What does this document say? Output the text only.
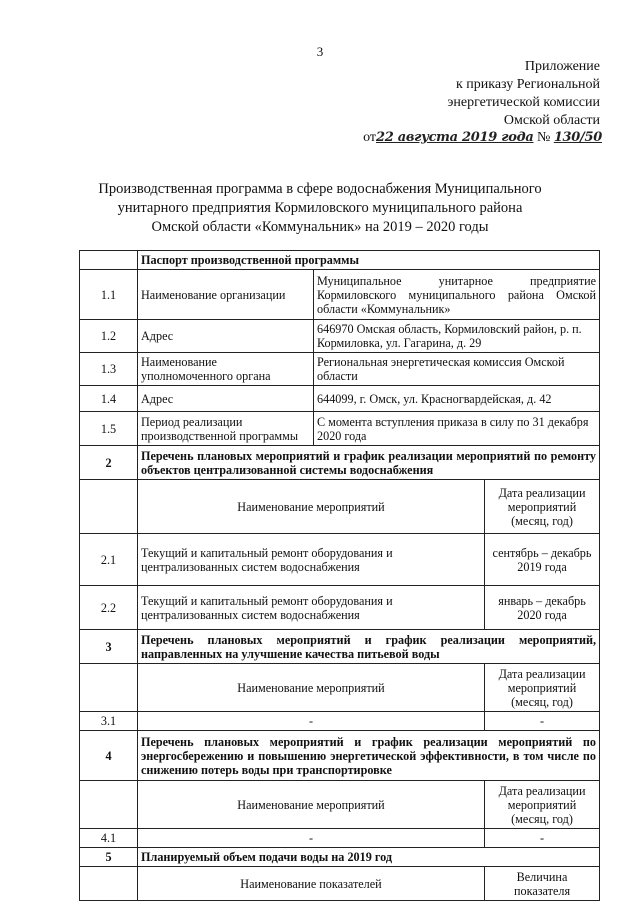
3
Приложение
к приказу Региональной
энергетической комиссии
Омской области
от22 августа 2019 года № 130/50
Производственная программа в сфере водоснабжения Муниципального
унитарного предприятия Кормиловского муниципального района
Омской области «Коммунальник» на 2019 – 2020 годы
	Паспорт производственной программы		
1.1	Наименование организации	Муниципальное унитарное предприятие Кормиловского муниципального района Омской области «Коммунальник»	
1.2	Адрес	646970 Омская область, Кормиловский район, р. п. Кормиловка, ул. Гагарина, д. 29	
1.3	Наименование уполномоченного органа	Региональная энергетическая комиссия Омской области	
1.4	Адрес	644099, г. Омск, ул. Красногвардейская, д. 42	
1.5	Период реализации производственной программы	С момента вступления приказа в силу по 31 декабря 2020 года	
2	Перечень плановых мероприятий и график реализации мероприятий по ремонту объектов централизованной системы водоснабжения		
	Наименование мероприятий		Дата реализации мероприятий (месяц, год)
2.1	Текущий и капитальный ремонт оборудования и централизованных систем водоснабжения		сентябрь – декабрь 2019 года
2.2	Текущий и капитальный ремонт оборудования и централизованных систем водоснабжения		январь – декабрь 2020 года
3	Перечень плановых мероприятий и график реализации мероприятий, направленных на улучшение качества питьевой воды		
	Наименование мероприятий		Дата реализации мероприятий (месяц, год)
3.1	-		-
4	Перечень плановых мероприятий и график реализации мероприятий по энергосбережению и повышению энергетической эффективности, в том числе по снижению потерь воды при транспортировке		
	Наименование мероприятий		Дата реализации мероприятий (месяц, год)
4.1	-		-
5	Планируемый объем подачи воды на 2019 год		
	Наименование показателей		Величина показателя
